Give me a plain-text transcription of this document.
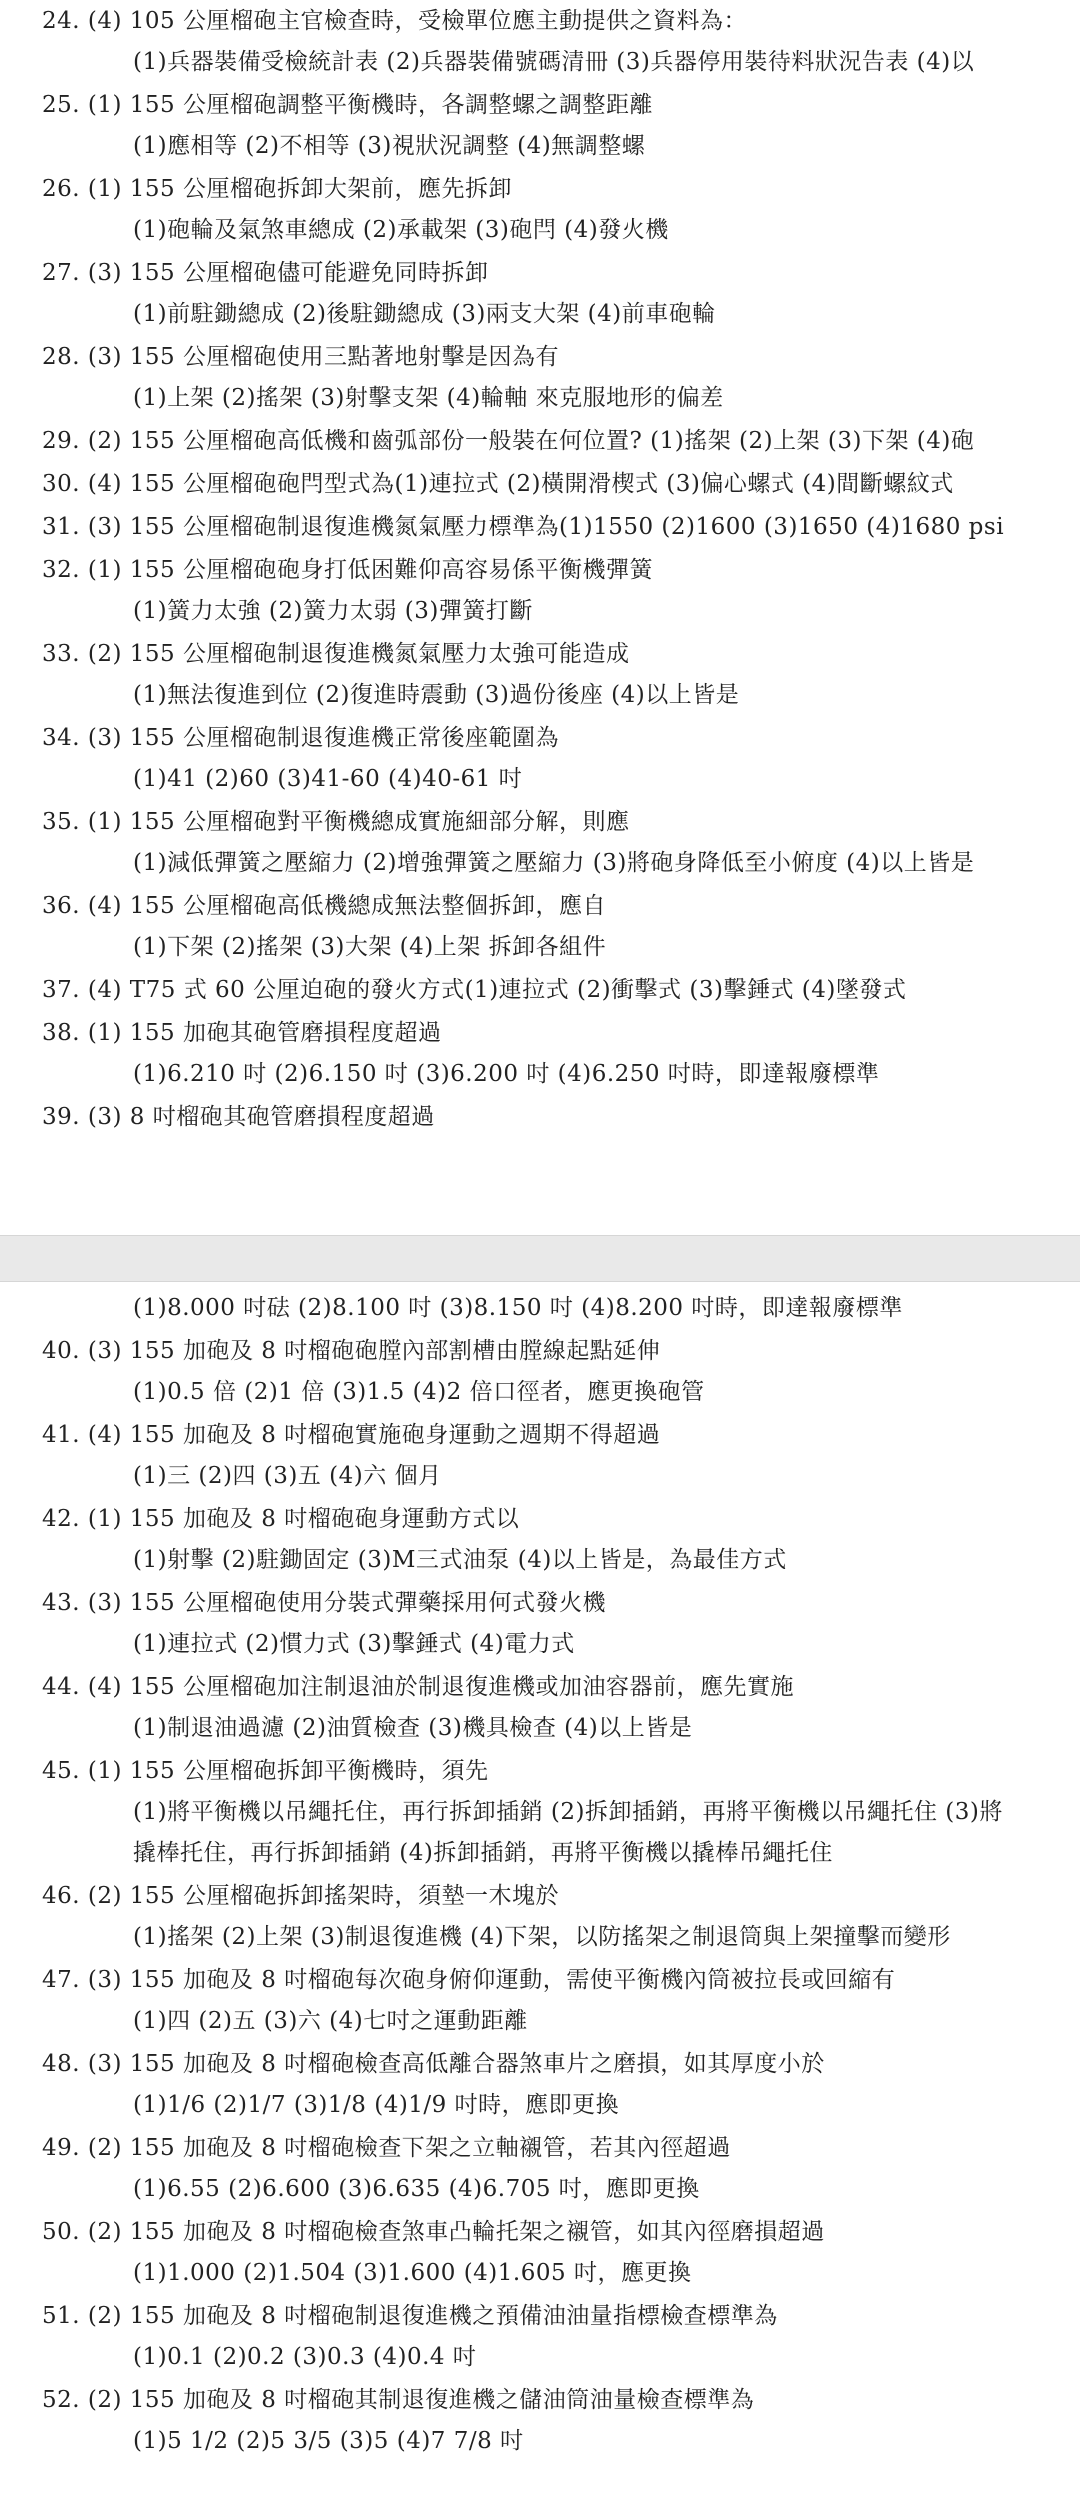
24. (4) 105 公厘榴砲主官檢查時，受檢單位應主動提供之資料為：
(1)兵器裝備受檢統計表 (2)兵器裝備號碼清冊 (3)兵器停用裝待料狀況告表 (4)以
25. (1) 155 公厘榴砲調整平衡機時，各調整螺之調整距離
(1)應相等 (2)不相等 (3)視狀況調整 (4)無調整螺
26. (1) 155 公厘榴砲拆卸大架前，應先拆卸
(1)砲輪及氣煞車總成 (2)承載架 (3)砲閂 (4)發火機
27. (3) 155 公厘榴砲儘可能避免同時拆卸
(1)前駐鋤總成 (2)後駐鋤總成 (3)兩支大架 (4)前車砲輪
28. (3) 155 公厘榴砲使用三點著地射擊是因為有
(1)上架 (2)搖架 (3)射擊支架 (4)輪軸 來克服地形的偏差
29. (2) 155 公厘榴砲高低機和齒弧部份一般裝在何位置? (1)搖架 (2)上架 (3)下架 (4)砲
30. (4) 155 公厘榴砲砲閂型式為(1)連拉式 (2)橫開滑楔式 (3)偏心螺式 (4)間斷螺紋式
31. (3) 155 公厘榴砲制退復進機氮氣壓力標準為(1)1550 (2)1600 (3)1650 (4)1680 psi
32. (1) 155 公厘榴砲砲身打低困難仰高容易係平衡機彈簧
(1)簧力太強 (2)簧力太弱 (3)彈簧打斷
33. (2) 155 公厘榴砲制退復進機氮氣壓力太強可能造成
(1)無法復進到位 (2)復進時震動 (3)過份後座 (4)以上皆是
34. (3) 155 公厘榴砲制退復進機正常後座範圍為
(1)41 (2)60 (3)41-60 (4)40-61 吋
35. (1) 155 公厘榴砲對平衡機總成實施細部分解，則應
(1)減低彈簧之壓縮力 (2)增強彈簧之壓縮力 (3)將砲身降低至小俯度 (4)以上皆是
36. (4) 155 公厘榴砲高低機總成無法整個拆卸，應自
(1)下架 (2)搖架 (3)大架 (4)上架 拆卸各組件
37. (4) T75 式 60 公厘迫砲的發火方式(1)連拉式 (2)衝擊式 (3)擊錘式 (4)墜發式
38. (1) 155 加砲其砲管磨損程度超過
(1)6.210 吋 (2)6.150 吋 (3)6.200 吋 (4)6.250 吋時，即達報廢標準
39. (3) 8 吋榴砲其砲管磨損程度超過
(1)8.000 吋砝 (2)8.100 吋 (3)8.150 吋 (4)8.200 吋時，即達報廢標準
40. (3) 155 加砲及 8 吋榴砲砲膛內部割槽由膛線起點延伸
(1)0.5 倍 (2)1 倍 (3)1.5 (4)2 倍口徑者，應更換砲管
41. (4) 155 加砲及 8 吋榴砲實施砲身運動之週期不得超過
(1)三 (2)四 (3)五 (4)六 個月
42. (1) 155 加砲及 8 吋榴砲砲身運動方式以
(1)射擊 (2)駐鋤固定 (3)M三式油泵 (4)以上皆是，為最佳方式
43. (3) 155 公厘榴砲使用分裝式彈藥採用何式發火機
(1)連拉式 (2)慣力式 (3)擊錘式 (4)電力式
44. (4) 155 公厘榴砲加注制退油於制退復進機或加油容器前，應先實施
(1)制退油過濾 (2)油質檢查 (3)機具檢查 (4)以上皆是
45. (1) 155 公厘榴砲拆卸平衡機時，須先
(1)將平衡機以吊繩托住，再行拆卸插銷 (2)拆卸插銷，再將平衡機以吊繩托住 (3)將
撬棒托住，再行拆卸插銷 (4)拆卸插銷，再將平衡機以撬棒吊繩托住
46. (2) 155 公厘榴砲拆卸搖架時，須墊一木塊於
(1)搖架 (2)上架 (3)制退復進機 (4)下架，以防搖架之制退筒與上架撞擊而變形
47. (3) 155 加砲及 8 吋榴砲每次砲身俯仰運動，需使平衡機內筒被拉長或回縮有
(1)四 (2)五 (3)六 (4)七吋之運動距離
48. (3) 155 加砲及 8 吋榴砲檢查高低離合器煞車片之磨損，如其厚度小於
(1)1/6 (2)1/7 (3)1/8 (4)1/9 吋時，應即更換
49. (2) 155 加砲及 8 吋榴砲檢查下架之立軸襯管，若其內徑超過
(1)6.55 (2)6.600 (3)6.635 (4)6.705 吋，應即更換
50. (2) 155 加砲及 8 吋榴砲檢查煞車凸輪托架之襯管，如其內徑磨損超過
(1)1.000 (2)1.504 (3)1.600 (4)1.605 吋，應更換
51. (2) 155 加砲及 8 吋榴砲制退復進機之預備油油量指標檢查標準為
(1)0.1 (2)0.2 (3)0.3 (4)0.4 吋
52. (2) 155 加砲及 8 吋榴砲其制退復進機之儲油筒油量檢查標準為
(1)5 1/2 (2)5 3/5 (3)5 (4)7 7/8 吋
